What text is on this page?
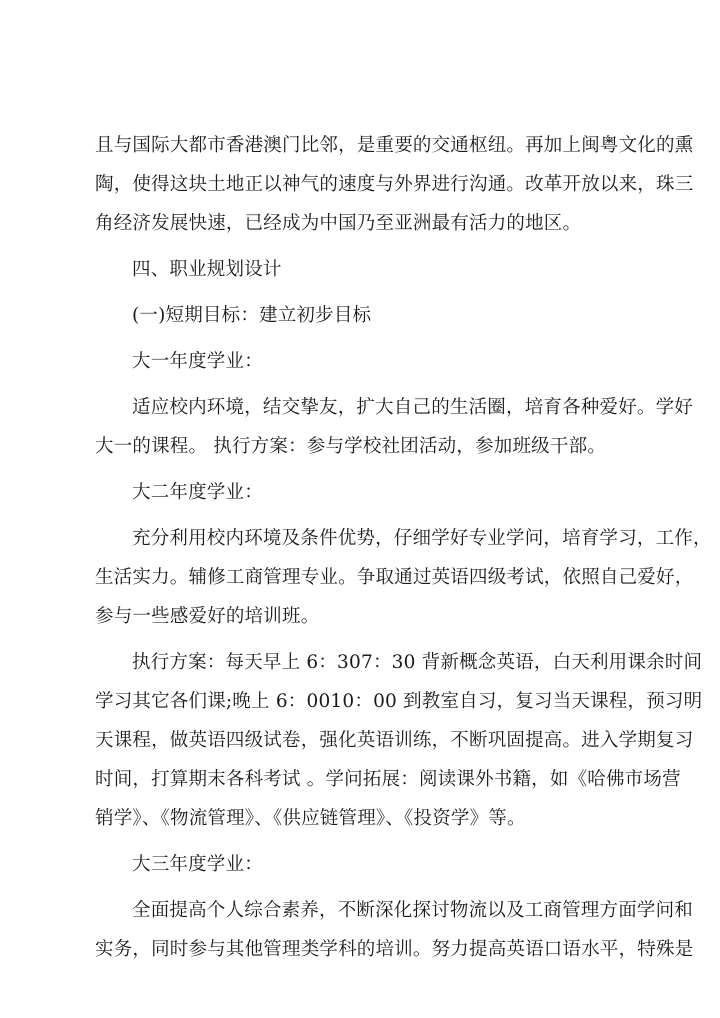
且与国际大都市香港澳门比邻，是重要的交通枢纽。再加上闽粤文化的熏
陶，使得这块土地正以神气的速度与外界进行沟通。改革开放以来，珠三
角经济发展快速，已经成为中国乃至亚洲最有活力的地区。
四、职业规划设计
(一)短期目标：建立初步目标
大一年度学业：
适应校内环境，结交挚友，扩大自己的生活圈，培育各种爱好。学好
大一的课程。 执行方案：参与学校社团活动，参加班级干部。
大二年度学业：
充分利用校内环境及条件优势，仔细学好专业学问，培育学习，工作，
生活实力。辅修工商管理专业。争取通过英语四级考试，依照自己爱好，
参与一些感爱好的培训班。
执行方案：每天早上 6：307：30 背新概念英语，白天利用课余时间
学习其它各们课;晚上 6：0010：00 到教室自习，复习当天课程，预习明
天课程，做英语四级试卷，强化英语训练，不断巩固提高。进入学期复习
时间，打算期末各科考试 。学问拓展：阅读课外书籍，如《哈佛市场营
销学》、《物流管理》、《供应链管理》、《投资学》等。
大三年度学业：
全面提高个人综合素养，不断深化探讨物流以及工商管理方面学问和
实务，同时参与其他管理类学科的培训。努力提高英语口语水平，特殊是
